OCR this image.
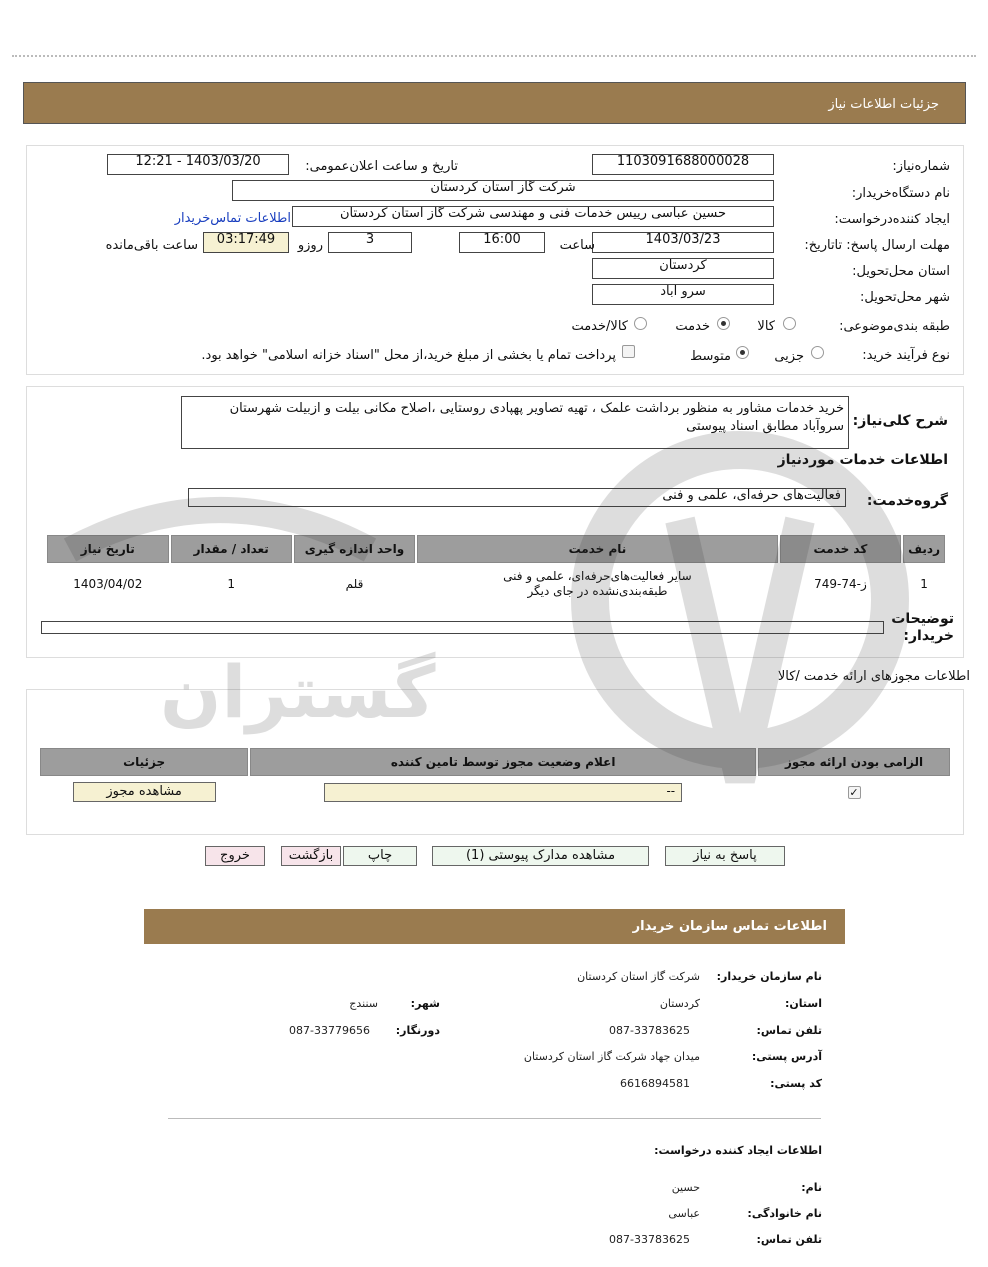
جزئیات اطلاعات نیاز
شماره‌نیاز:
1103091688000028
تاریخ و ساعت اعلان‌عمومی:
1403/03/20 - 12:21
نام دستگاه‌خریدار:
شرکت گاز استان کردستان
ایجاد کننده‌درخواست:
حسین عباسی رییس خدمات فنی و مهندسی شرکت گاز استان کردستان
اطلاعات تماس‌خریدار
مهلت ارسال پاسخ: تاتاریخ:
1403/03/23
ساعت
16:00
3
روزو
03:17:49
ساعت باقی‌مانده
استان محل‌تحویل:
کردستان
شهر محل‌تحویل:
سرو آباد
طبقه بندی‌موضوعی:
کالا
خدمت
کالا/خدمت
نوع فرآیند خرید:
جزیی
متوسط
پرداخت تمام یا بخشی از مبلغ خرید،از محل "اسناد خزانه اسلامی" خواهد بود.
شرح کلی‌نیاز:
خرید خدمات مشاور به منظور برداشت علمک ، تهیه تصاویر پهپادی روستایی ،اصلاح مکانی بیلت و ازبیلت شهرستان سروآباد مطابق اسناد پیوستی
اطلاعات خدمات مورد‌نیاز
گروه‌خدمت:
فعالیت‌های حرفه‌ای، علمی و فنی
ردیف	کد خدمت	نام خدمت	واحد اندازه گیری	تعداد / مقدار	تاریخ نیاز
1	ز-74-749	سایر فعالیت‌های‌حرفه‌ای، علمی و فنی طبقه‌بندی‌نشده در جای دیگر	قلم	1	1403/04/02
توضیحات خریدار:
اطلاعات مجوزهای ارائه خدمت /کالا
الزامی بودن ارائه مجوز	اعلام وضعیت مجوز توسط تامین کننده	جزئیات
✓	--	مشاهده مجوز
پاسخ به نیاز
مشاهده مدارک پیوستی (1)
چاپ
بازگشت
خروج
اطلاعات تماس سازمان خریدار
نام سازمان خریدار:
شرکت گاز استان کردستان
استان:
کردستان
شهر:
سنندج
تلفن تماس:
087-33783625
دورنگار:
087-33779656
آدرس پستی:
میدان جهاد شرکت گاز استان کردستان
کد پستی:
6616894581
اطلاعات ایجاد کننده درخواست:
نام:
حسین
نام خانوادگی:
عباسی
تلفن تماس:
087-33783625
گستران
